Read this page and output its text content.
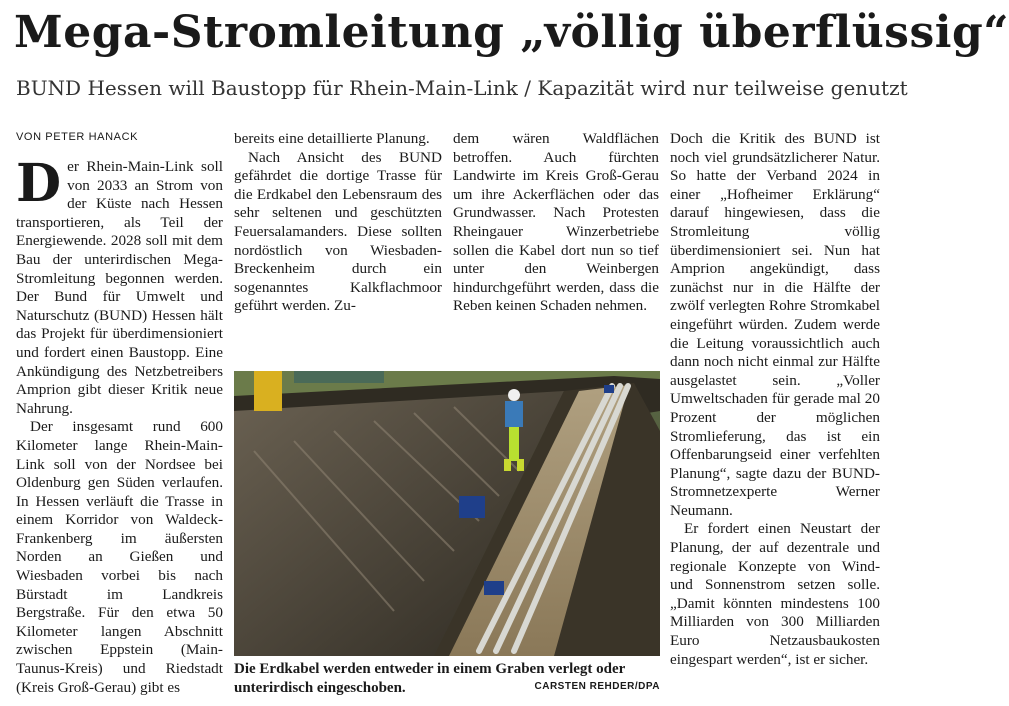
Mega-Stromleitung „völlig überflüssig“
BUND Hessen will Baustopp für Rhein-Main-Link / Kapazität wird nur teilweise genutzt
VON PETER HANACK

Der Rhein-Main-Link soll von 2033 an Strom von der Küste nach Hessen transportieren, als Teil der Energiewende. 2028 soll mit dem Bau der unterirdischen Mega-Stromleitung begonnen werden. Der Bund für Umwelt und Naturschutz (BUND) Hessen hält das Projekt für überdimensioniert und fordert einen Baustopp. Eine Ankündigung des Netzbetreibers Amprion gibt dieser Kritik neue Nahrung.

Der insgesamt rund 600 Kilometer lange Rhein-Main-Link soll von der Nordsee bei Oldenburg gen Süden verlaufen. In Hessen verläuft die Trasse in einem Korridor von Waldeck-Frankenberg im äußersten Norden an Gießen und Wiesbaden vorbei bis nach Bürstadt im Landkreis Bergstraße. Für den etwa 50 Kilometer langen Abschnitt zwischen Eppstein (Main-Taunus-Kreis) und Riedstadt (Kreis Groß-Gerau) gibt es

bereits eine detaillierte Planung.

Nach Ansicht des BUND gefährdet die dortige Trasse für die Erdkabel den Lebensraum des sehr seltenen und geschützten Feuersalamanders. Diese sollten nordöstlich von Wiesbaden-Breckenheim durch ein sogenanntes Kalkflachmoor geführt werden. Zu-

dem wären Waldflächen betroffen. Auch fürchten Landwirte im Kreis Groß-Gerau um ihre Ackerflächen oder das Grundwasser. Nach Protesten Rheingauer Winzerbetriebe sollen die Kabel dort nun so tief unter den Weinbergen hindurchgeführt werden, dass die Reben keinen Schaden nehmen.

Doch die Kritik des BUND ist noch viel grundsätzlicherer Natur. So hatte der Verband 2024 in einer „Hofheimer Erklärung“ darauf hingewiesen, dass die Stromleitung völlig überdimensioniert sei. Nun hat Amprion angekündigt, dass zunächst nur in die Hälfte der zwölf verlegten Rohre Stromkabel eingeführt würden. Zudem werde die Leitung voraussichtlich auch dann noch nicht einmal zur Hälfte ausgelastet sein. „Voller Umweltschaden für gerade mal 20 Prozent der möglichen Stromlieferung, das ist ein Offenbarungseid einer verfehlten Planung“, sagte dazu der BUND-Stromnetzexperte Werner Neumann.

Er fordert einen Neustart der Planung, der auf dezentrale und regionale Konzepte von Wind- und Sonnenstrom setzen solle. „Damit könnten mindestens 100 Milliarden von 300 Milliarden Euro Netzausbaukosten eingespart werden“, ist er sicher.

Die Erdkabel werden entweder in einem Graben verlegt oder unterirdisch eingeschoben.	CARSTEN REHDER/DPA
